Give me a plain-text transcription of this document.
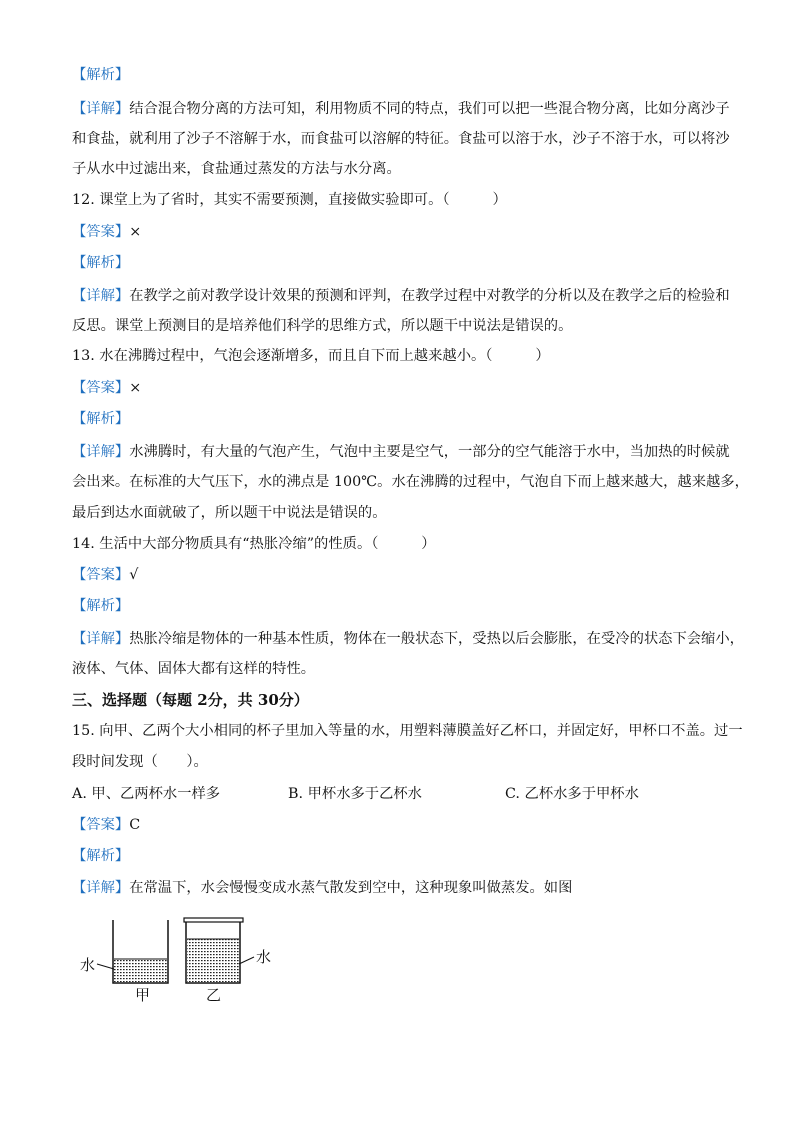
【解析】
【详解】结合混合物分离的方法可知，利用物质不同的特点，我们可以把一些混合物分离，比如分离沙子
和食盐，就利用了沙子不溶解于水，而食盐可以溶解的特征。食盐可以溶于水，沙子不溶于水，可以将沙
子从水中过滤出来，食盐通过蒸发的方法与水分离。
12. 课堂上为了省时，其实不需要预测，直接做实验即可。（　　　）
【答案】×
【解析】
【详解】在教学之前对教学设计效果的预测和评判，在教学过程中对教学的分析以及在教学之后的检验和
反思。课堂上预测目的是培养他们科学的思维方式，所以题干中说法是错误的。
13. 水在沸腾过程中，气泡会逐渐增多，而且自下而上越来越小。（　　　）
【答案】×
【解析】
【详解】水沸腾时，有大量的气泡产生，气泡中主要是空气，一部分的空气能溶于水中，当加热的时候就
会出来。在标准的大气压下，水的沸点是 100℃。水在沸腾的过程中，气泡自下而上越来越大，越来越多，
最后到达水面就破了，所以题干中说法是错误的。
14. 生活中大部分物质具有“热胀冷缩”的性质。（　　　）
【答案】√
【解析】
【详解】热胀冷缩是物体的一种基本性质，物体在一般状态下，受热以后会膨胀，在受冷的状态下会缩小，
液体、气体、固体大都有这样的特性。
三、选择题（每题 2分，共 30分）
15. 向甲、乙两个大小相同的杯子里加入等量的水，用塑料薄膜盖好乙杯口，并固定好，甲杯口不盖。过一
段时间发现（　　）。
A. 甲、乙两杯水一样多	B. 甲杯水多于乙杯水	C. 乙杯水多于甲杯水
【答案】C
【解析】
【详解】在常温下，水会慢慢变成水蒸气散发到空中，这种现象叫做蒸发。如图
水
甲
水
乙
